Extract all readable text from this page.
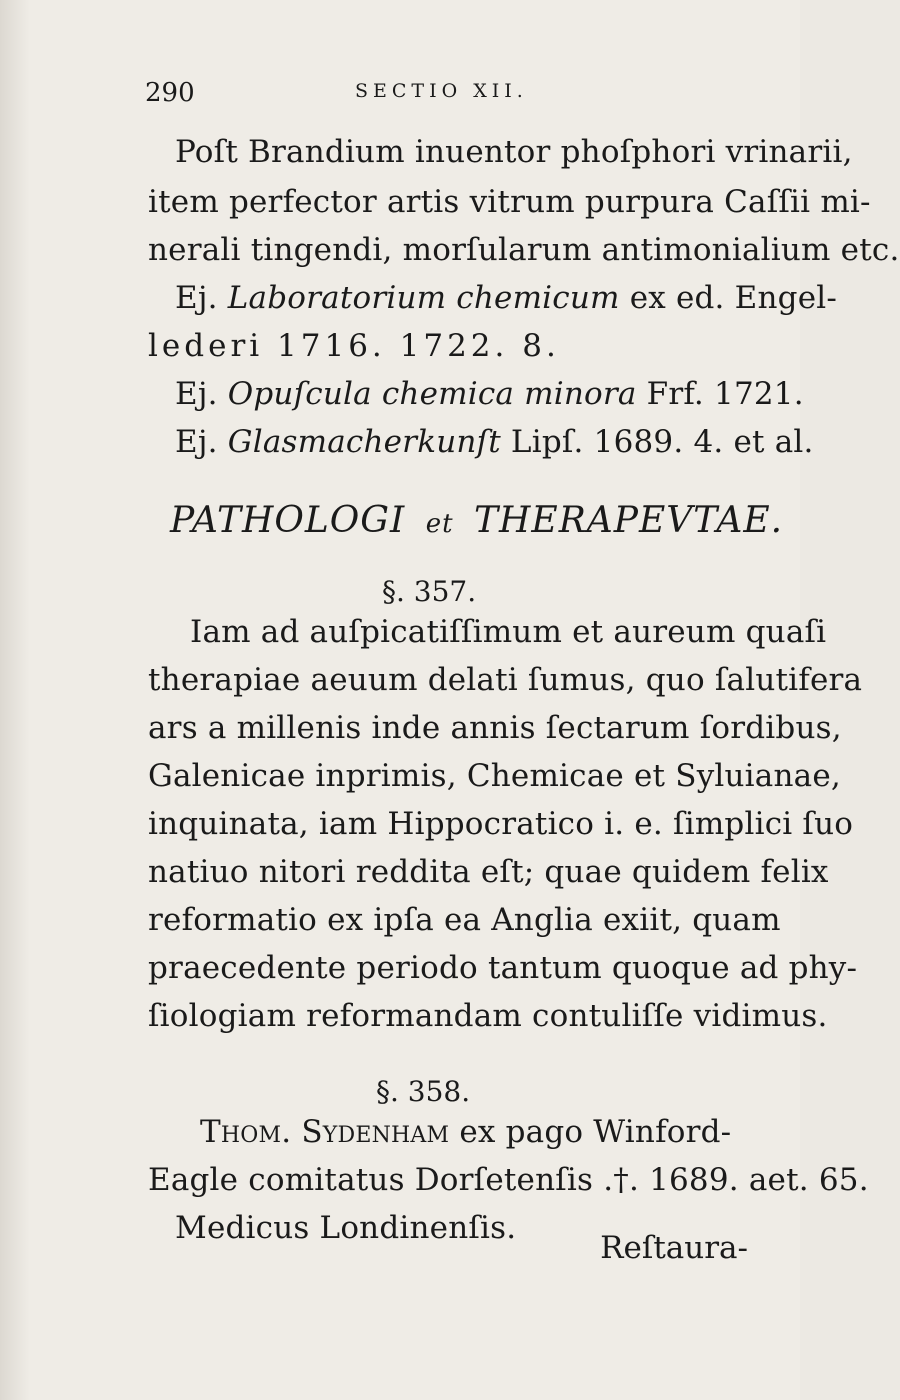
290	SECTIO XII.
Poſt Brandium inuentor phoſphori vrinarii,
item perfector artis vitrum purpura Caſſii mi-
nerali tingendi, morſularum antimonialium etc.
Ej. Laboratorium chemicum ex ed. Engel-
lederi 1716. 1722. 8.
Ej. Opuſcula chemica minora Frf. 1721.
Ej. Glasmacherkunſt Lipſ. 1689. 4. et al.
PATHOLOGI et THERAPEVTAE.
§. 357.
Iam ad auſpicatiſſimum et aureum quaſi
therapiae aeuum delati ſumus, quo ſalutifera
ars a millenis inde annis ſectarum ſordibus,
Galenicae inprimis, Chemicae et Syluianae,
inquinata, iam Hippocratico i. e. ſimplici ſuo
natiuo nitori reddita eſt; quae quidem felix
reformatio ex ipſa ea Anglia exiit, quam
praecedente periodo tantum quoque ad phy-
ſiologiam reformandam contuliſſe vidimus.
§. 358.
Thom. Sydenham ex pago Winford-
Eagle comitatus Dorſetenſis .†. 1689. aet. 65.
Medicus Londinenſis.
Reſtaura-
